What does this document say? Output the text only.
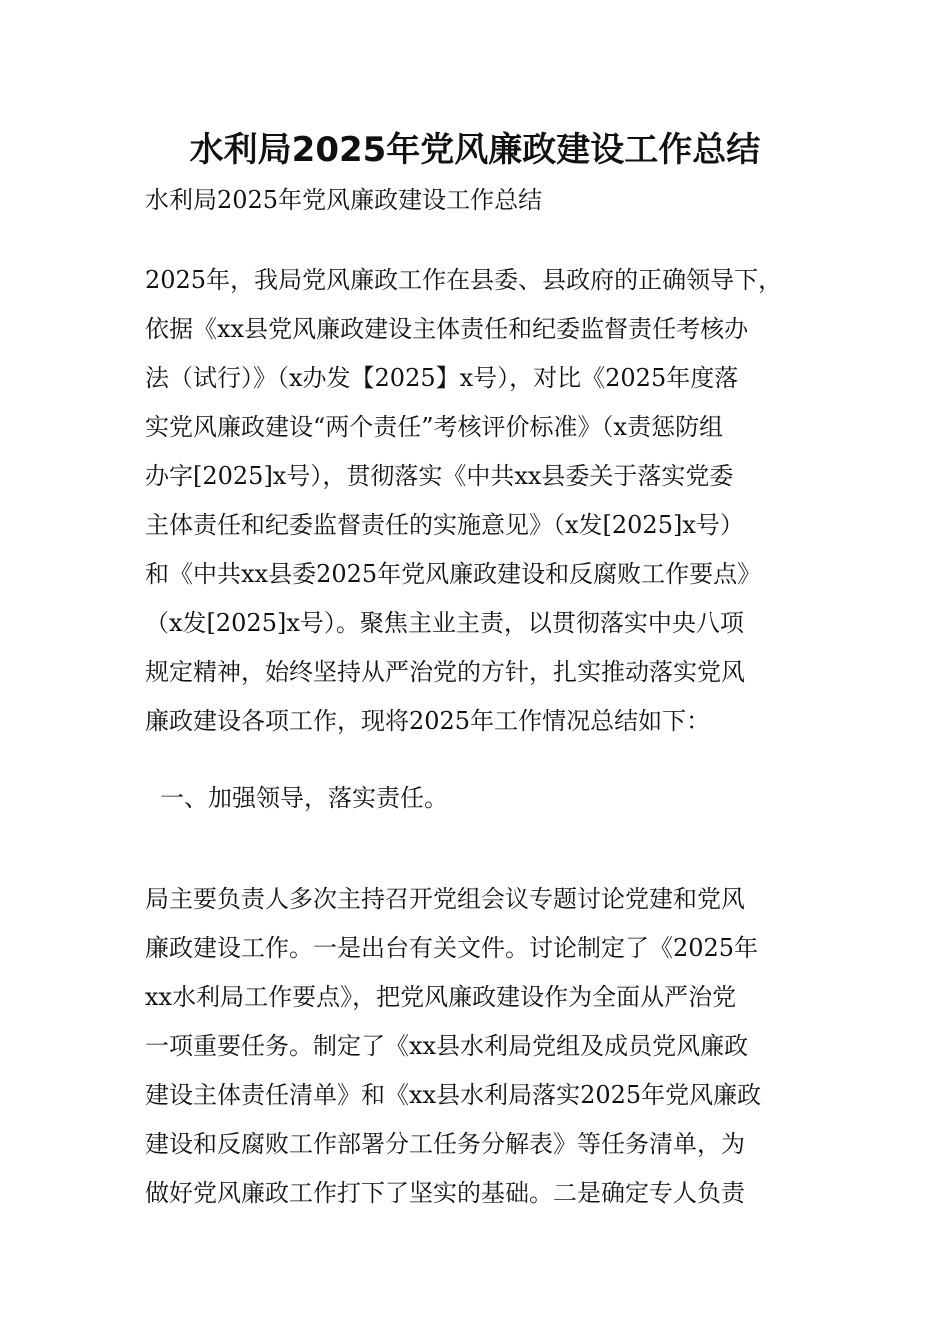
水利局2025年党风廉政建设工作总结

水利局2025年党风廉政建设工作总结

2025年，我局党风廉政工作在县委、县政府的正确领导下，
依据《xx县党风廉政建设主体责任和纪委监督责任考核办
法（试行）》（x办发【2025】x号），对比《2025年度落
实党风廉政建设“两个责任”考核评价标准》（x责惩防组
办字[2025]x号），贯彻落实《中共xx县委关于落实党委
主体责任和纪委监督责任的实施意见》（x发[2025]x号）
和《中共xx县委2025年党风廉政建设和反腐败工作要点》
（x发[2025]x号）。聚焦主业主责，以贯彻落实中央八项
规定精神，始终坚持从严治党的方针，扎实推动落实党风
廉政建设各项工作，现将2025年工作情况总结如下：

一、加强领导，落实责任。

局主要负责人多次主持召开党组会议专题讨论党建和党风
廉政建设工作。一是出台有关文件。讨论制定了《2025年
xx水利局工作要点》，把党风廉政建设作为全面从严治党
一项重要任务。制定了《xx县水利局党组及成员党风廉政
建设主体责任清单》和《xx县水利局落实2025年党风廉政
建设和反腐败工作部署分工任务分解表》等任务清单，为
做好党风廉政工作打下了坚实的基础。二是确定专人负责
